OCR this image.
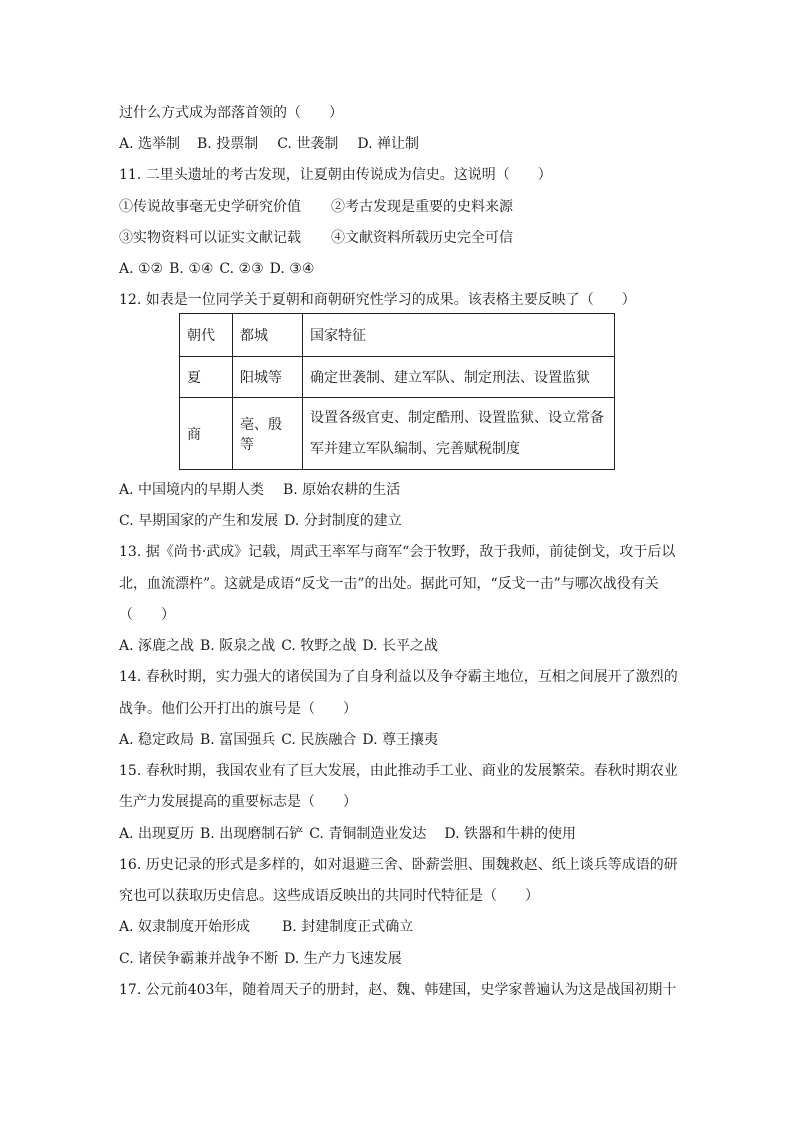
过什么方式成为部落首领的（　　）
A. 选举制 B. 投票制 C. 世袭制 D. 禅让制
11. 二里头遗址的考古发现，让夏朝由传说成为信史。这说明（　　）
①传说故事毫无史学研究价值 ②考古发现是重要的史料来源
③实物资料可以证实文献记载 ④文献资料所载历史完全可信
A. ①② B. ①④ C. ②③ D. ③④
12. 如表是一位同学关于夏朝和商朝研究性学习的成果。该表格主要反映了（　　）
朝代	都城	国家特征
夏	阳城等	确定世袭制、建立军队、制定刑法、设置监狱
商	亳、殷等	设置各级官吏、制定酷刑、设置监狱、设立常备军并建立军队编制、完善赋税制度
A. 中国境内的早期人类 B. 原始农耕的生活
C. 早期国家的产生和发展 D. 分封制度的建立
13. 据《尚书·武成》记载，周武王率军与商军“会于牧野，敌于我师，前徒倒戈，攻于后以
北，血流漂杵”。这就是成语“反戈一击”的出处。据此可知，“反戈一击”与哪次战役有关
（　　）
A. 涿鹿之战 B. 阪泉之战 C. 牧野之战 D. 长平之战
14. 春秋时期，实力强大的诸侯国为了自身利益以及争夺霸主地位，互相之间展开了激烈的
战争。他们公开打出的旗号是（　　）
A. 稳定政局 B. 富国强兵 C. 民族融合 D. 尊王攘夷
15. 春秋时期，我国农业有了巨大发展，由此推动手工业、商业的发展繁荣。春秋时期农业
生产力发展提高的重要标志是（　　）
A. 出现夏历 B. 出现磨制石铲 C. 青铜制造业发达 D. 铁器和牛耕的使用
16. 历史记录的形式是多样的，如对退避三舍、卧薪尝胆、围魏救赵、纸上谈兵等成语的研
究也可以获取历史信息。这些成语反映出的共同时代特征是（　　）
A. 奴隶制度开始形成 B. 封建制度正式确立
C. 诸侯争霸兼并战争不断 D. 生产力飞速发展
17. 公元前403年，随着周天子的册封，赵、魏、韩建国，史学家普遍认为这是战国初期十
